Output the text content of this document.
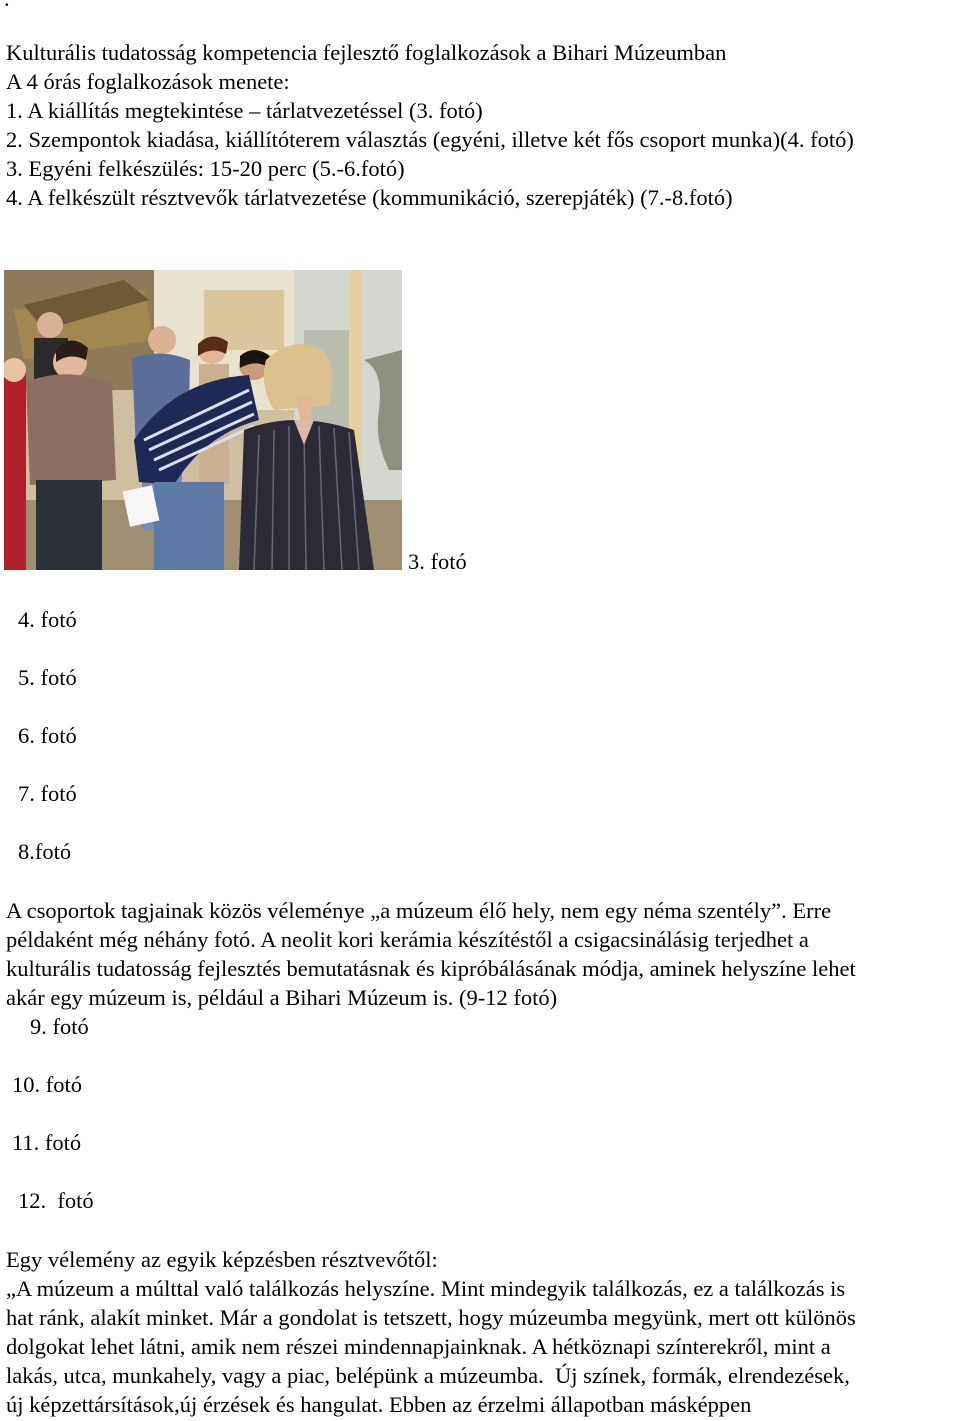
Kulturális tudatosság kompetencia fejlesztő foglalkozások a Bihari Múzeumban
A 4 órás foglalkozások menete:
1. A kiállítás megtekintése – tárlatvezetéssel (3. fotó)
2. Szempontok kiadása, kiállítóterem választás (egyéni, illetve két fős csoport munka)(4. fotó)
3. Egyéni felkészülés: 15-20 perc (5.-6.fotó)
4. A felkészült résztvevők tárlatvezetése (kommunikáció, szerepjáték) (7.-8.fotó)
3. fotó
4. fotó
5. fotó
6. fotó
7. fotó
8.fotó
A csoportok tagjainak közös véleménye „a múzeum élő hely, nem egy néma szentély”. Erre
példaként még néhány fotó. A neolit kori kerámia készítéstől a csigacsinálásig terjedhet a
kulturális tudatosság fejlesztés bemutatásnak és kipróbálásának módja, aminek helyszíne lehet
akár egy múzeum is, például a Bihari Múzeum is. (9-12 fotó)
9. fotó
10. fotó
11. fotó
12.  fotó
Egy vélemény az egyik képzésben résztvevőtől:
„A múzeum a múlttal való találkozás helyszíne. Mint mindegyik találkozás, ez a találkozás is
hat ránk, alakít minket. Már a gondolat is tetszett, hogy múzeumba megyünk, mert ott különös
dolgokat lehet látni, amik nem részei mindennapjainknak. A hétköznapi színterekről, mint a
lakás, utca, munkahely, vagy a piac, belépünk a múzeumba.  Új színek, formák, elrendezések,
új képzettársítások,új érzések és hangulat. Ebben az érzelmi állapotban másképpen
